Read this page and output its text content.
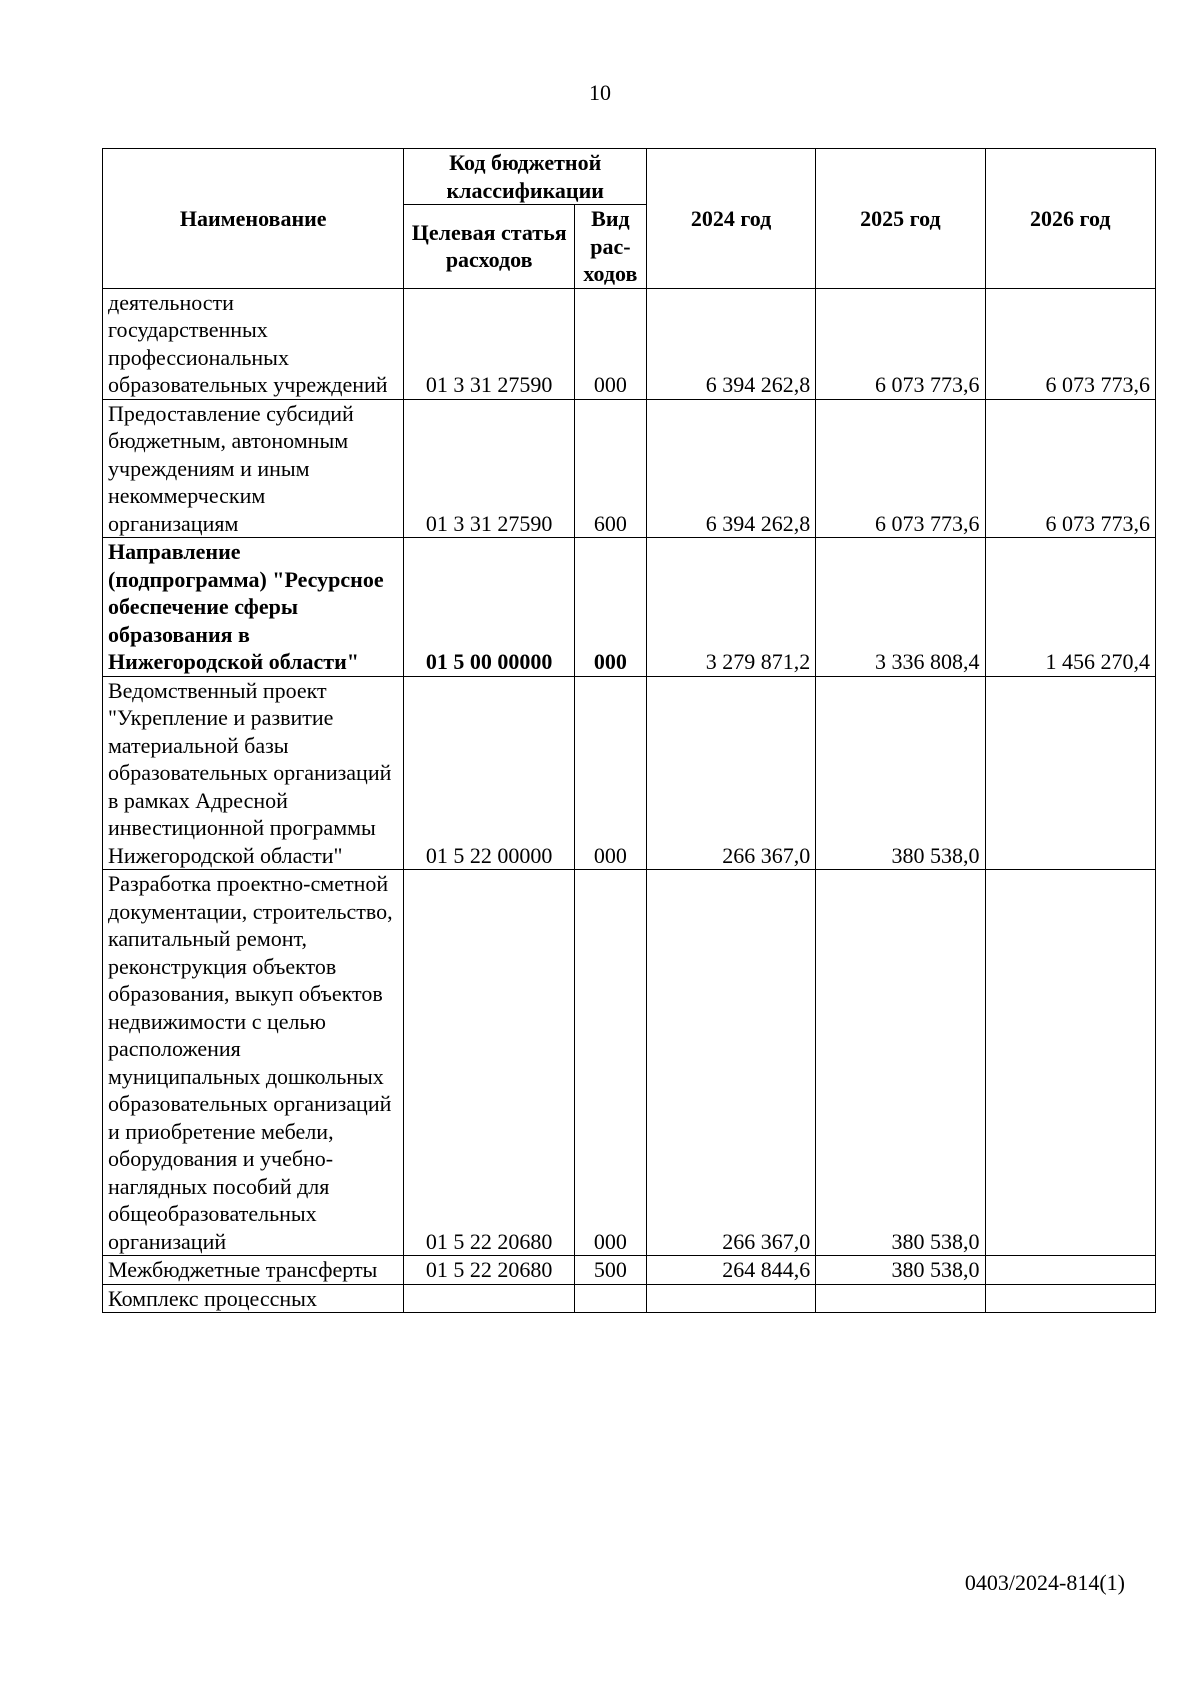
10
Наименование	Код бюджетной классификации		2024 год	2025 год	2026 год
	Целевая статья расходов	Вид рас-ходов			
деятельности государственных профессиональных образовательных учреждений	01 3 31 27590	000	6 394 262,8	6 073 773,6	6 073 773,6
Предоставление субсидий бюджетным, автономным учреждениям и иным некоммерческим организациям	01 3 31 27590	600	6 394 262,8	6 073 773,6	6 073 773,6
Направление (подпрограмма) "Ресурсное обеспечение сферы образования в Нижегородской области"	01 5 00 00000	000	3 279 871,2	3 336 808,4	1 456 270,4
Ведомственный проект "Укрепление и развитие материальной базы образовательных организаций в рамках Адресной инвестиционной программы Нижегородской области"	01 5 22 00000	000	266 367,0	380 538,0	
Разработка проектно-сметной документации, строительство, капитальный ремонт, реконструкция объектов образования, выкуп объектов недвижимости с целью расположения муниципальных дошкольных образовательных организаций и приобретение мебели, оборудования и учебно-наглядных пособий для общеобразовательных организаций	01 5 22 20680	000	266 367,0	380 538,0	
Межбюджетные трансферты	01 5 22 20680	500	264 844,6	380 538,0	
Комплекс процессных					
0403/2024-814(1)
